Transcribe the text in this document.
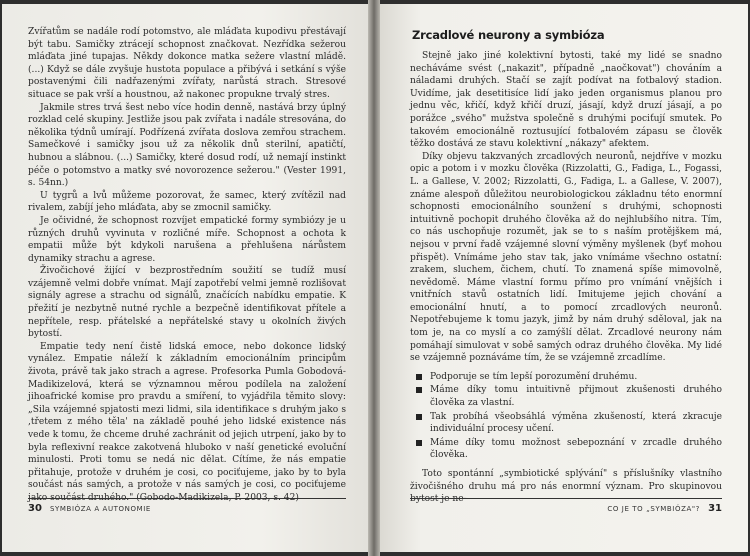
Zvířatům se nadále rodí potomstvo, ale mláďata kupodivu přestávají být tabu. Samičky ztrácejí schopnost značkovat. Nezřídka sežerou mláďata jiné tupajas. Někdy dokonce matka sežere vlastní mládě. (...) Když se dále zvyšuje hustota populace a přibývá i setkání s výše postavenými čili nadřazenými zvířaty, narůstá strach. Stresové situace se pak vrší a houstnou, až nakonec propukne trvalý stres.

Jakmile stres trvá šest nebo více hodin denně, nastává brzy úplný rozklad celé skupiny. Jestliže jsou pak zvířata i nadále stresována, do několika týdnů umírají. Podřízená zvířata doslova zemřou strachem. Samečkové i samičky jsou už za několik dnů sterilní, apatičtí, hubnou a slábnou. (...) Samičky, které dosud rodí, už nemají instinkt péče o potomstvo a matky své novorozence sežerou." (Vester 1991, s. 54nn.)

U tygrů a lvů můžeme pozorovat, že samec, který zvítězil nad rivalem, zabíjí jeho mláďata, aby se zmocnil samičky.

Je očividné, že schopnost rozvíjet empatické formy symbiózy je u různých druhů vyvinuta v rozličné míře. Schopnost a ochota k empatii může být kdykoli narušena a přehlušena nárůstem dynamiky strachu a agrese.

Živočichové žijící v bezprostředním soužití se tudíž musí vzájemně velmi dobře vnímat. Mají zapotřebí velmi jemně rozlišovat signály agrese a strachu od signálů, značících nabídku empatie. K přežití je nezbytně nutné rychle a bezpečně identifikovat přítele a nepřítele, resp. přátelské a nepřátelské stavy u okolních živých bytostí.

Empatie tedy není čistě lidská emoce, nebo dokonce lidský vynález. Empatie náleží k základním emocionálním principům života, právě tak jako strach a agrese. Profesorka Pumla Gobodová-Madikizelová, která se významnou měrou podílela na založení jihoafrické komise pro pravdu a smíření, to vyjádřila těmito slovy: „Sila vzájemné spjatosti mezi lidmi, sila identifikace s druhým jako s ‚třetem z mého těla' na základě pouhé jeho lidské existence nás vede k tomu, že chceme druhé zachránit od jejich utrpení, jako by to byla reflexivní reakce zakotvená hluboko v naší genetické evoluční minulosti. Proti tomu se nedá nic dělat. Cítíme, že nás empatie přitahuje, protože v druhém je cosi, co pociťujeme, jako by to byla součást nás samých, a protože v nás samých je cosi, co pociťujeme jako součást druhého." (Gobodo-Madikizela, P. 2003, s. 42)

30 SYMBIÓZA A AUTONOMIE
Zrcadlové neurony a symbióza

Stejně jako jiné kolektivní bytosti, také my lidé se snadno necháváme svést („nakazit", případně „naočkovat") chováním a náladami druhých. Stačí se zajít podívat na fotbalový stadion. Uvidíme, jak desetitisíce lidí jako jeden organismus planou pro jednu věc, křičí, když křičí druzí, jásají, když druzí jásají, a po porážce „svého" mužstva společně s druhými pociťují smutek. Po takovém emocionálně roztusující fotbalovém zápasu se člověk těžko dostává ze stavu kolektivní „nákazy" afektem.

Díky objevu takzvaných zrcadlových neuronů, nejdříve v mozku opic a potom i v mozku člověka (Rizzolatti, G., Fadiga, L., Fogassi, L. a Gallese, V. 2002; Rizzolatti, G., Fadiga, L. a Gallese, V. 2007), známe alespoň důležitou neurobiologickou základnu této enormní schopnosti emocionálního sounžení s druhými, schopnosti intuitivně pochopit druhého člověka až do nejhlubšího nitra. Tím, co nás uschopňuje rozumět, jak se to s naším protějškem má, nejsou v první řadě vzájemné slovní výměny myšlenek (byť mohou přispět). Vnímáme jeho stav tak, jako vnímáme všechno ostatní: zrakem, sluchem, čichem, chutí. To znamená spíše mimovolně, nevědomě. Máme vlastní formu přímo pro vnímání vnějších i vnitřních stavů ostatních lidí. Imitujeme jejich chování a emocionální hnutí, a to pomocí zrcadlových neuronů. Nepotřebujeme k tomu jazyk, jimž by nám druhý sděloval, jak na tom je, na co myslí a co zamýšlí dělat. Zrcadlové neurony nám pomáhají simulovat v sobě samých odraz druhého člověka. My lidé se vzájemně poznáváme tím, že se vzájemně zrcadlíme.

Podporuje se tím lepší porozumění druhému.
Máme díky tomu intuitivně přijmout zkušenosti druhého člověka za vlastní.
Tak probíhá všeobsáhlá výměna zkušeností, která zkracuje individuální procesy učení.
Máme díky tomu možnost sebepoznání v zrcadle druhého člověka.

Toto spontánní „symbiotické splývání" s příslušníky vlastního živočišného druhu má pro nás enormní význam. Pro skupinovou bytost je ne-

CO JE TO „SYMBIÓZA"? 31
